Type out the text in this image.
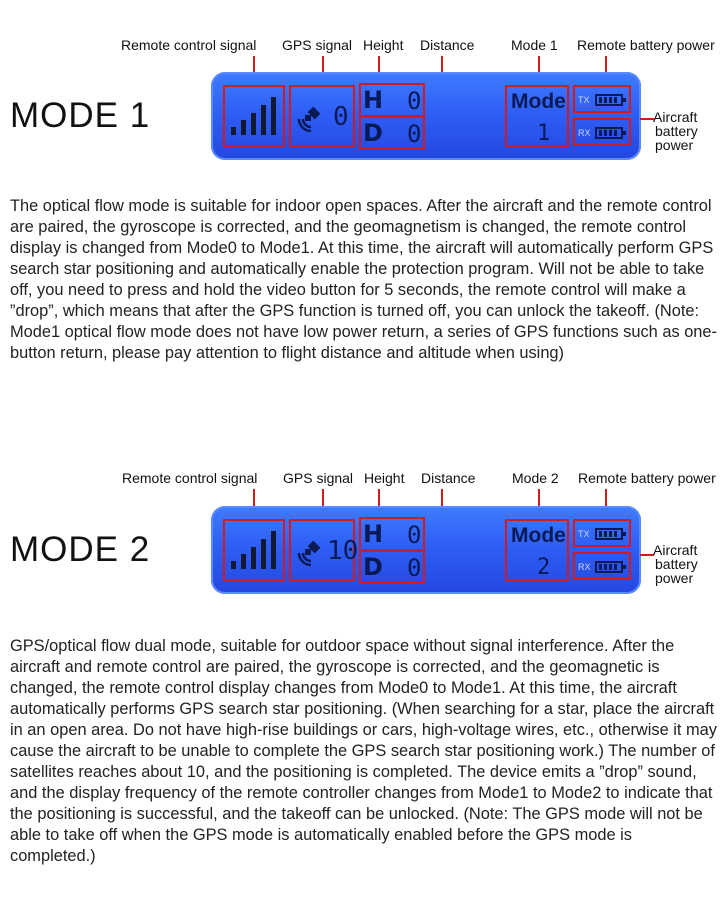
Remote control signal GPS signal Height Distance	Mode 1 Remote battery power
MODE 1	0
H 0
D 0
Mode
1
TX
RX
Aircraft
battery
power
The optical flow mode is suitable for indoor open spaces. After the aircraft and the remote control are paired, the gyroscope is corrected, and the geomagnetism is changed, the remote control display is changed from Mode0 to Mode1. At this time, the aircraft will automatically perform GPS search star positioning and automatically enable the protection program. Will not be able to take off, you need to press and hold the video button for 5 seconds, the remote control will make a ”drop”, which means that after the GPS function is turned off, you can unlock the takeoff. (Note: Mode1 optical flow mode does not have low power return, a series of GPS functions such as one-button return, please pay attention to flight distance and altitude when using)
Remote control signal GPS signal Height Distance	Mode 2 Remote battery power
MODE 2	10
H 0
D 0
Mode
2
TX
RX
Aircraft
battery
power
GPS/optical flow dual mode, suitable for outdoor space without signal interference. After the aircraft and remote control are paired, the gyroscope is corrected, and the geomagnetic is changed, the remote control display changes from Mode0 to Mode1. At this time, the aircraft automatically performs GPS search star positioning. (When searching for a star, place the aircraft in an open area. Do not have high-rise buildings or cars, high-voltage wires, etc., otherwise it may cause the aircraft to be unable to complete the GPS search star positioning work.) The number of satellites reaches about 10, and the positioning is completed. The device emits a ”drop” sound, and the display frequency of the remote controller changes from Mode1 to Mode2 to indicate that the positioning is successful, and the takeoff can be unlocked. (Note: The GPS mode will not be able to take off when the GPS mode is automatically enabled before the GPS mode is completed.)
